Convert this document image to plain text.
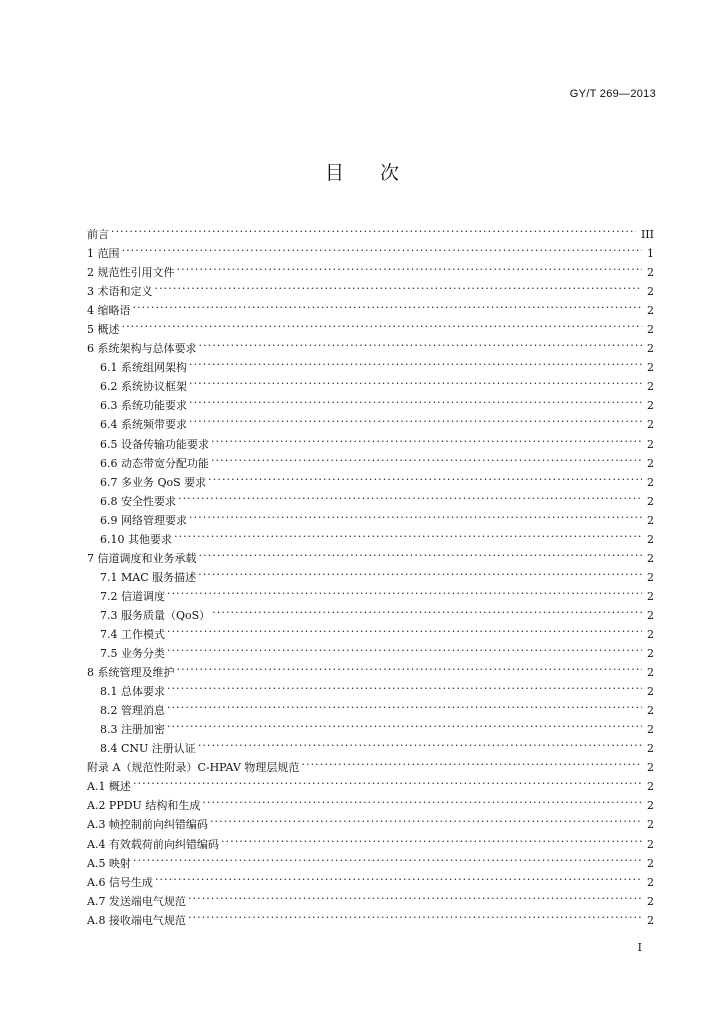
GY/T 269—2013
目 次
前言 . . .	III
1 范围 . . .	1
2 规范性引用文件 . . .	2
3 术语和定义 . . .	2
4 缩略语 . . .	2
5 概述 . . .	2
6 系统架构与总体要求 . . .	2
6.1 系统组网架构 . . .	2
6.2 系统协议框架 . . .	2
6.3 系统功能要求 . . .	2
6.4 系统频带要求 . . .	2
6.5 设备传输功能要求 . . .	2
6.6 动态带宽分配功能 . . .	2
6.7 多业务 QoS 要求 . . .	2
6.8 安全性要求 . . .	2
6.9 网络管理要求 . . .	2
6.10 其他要求 . . .	2
7 信道调度和业务承载 . . .	2
7.1 MAC 服务描述 . . .	2
7.2 信道调度 . . .	2
7.3 服务质量（QoS） . . .	2
7.4 工作模式 . . .	2
7.5 业务分类 . . .	2
8 系统管理及维护 . . .	2
8.1 总体要求 . . .	2
8.2 管理消息 . . .	2
8.3 注册加密 . . .	2
8.4 CNU 注册认证 . . .	2
附录 A（规范性附录）C-HPAV 物理层规范 . . .	2
A.1 概述 . . .	2
A.2 PPDU 结构和生成 . . .	2
A.3 帧控制前向纠错编码 . . .	2
A.4 有效载荷前向纠错编码 . . .	2
A.5 映射 . . .	2
A.6 信号生成 . . .	2
A.7 发送端电气规范 . . .	2
A.8 接收端电气规范 . . .	2
I
